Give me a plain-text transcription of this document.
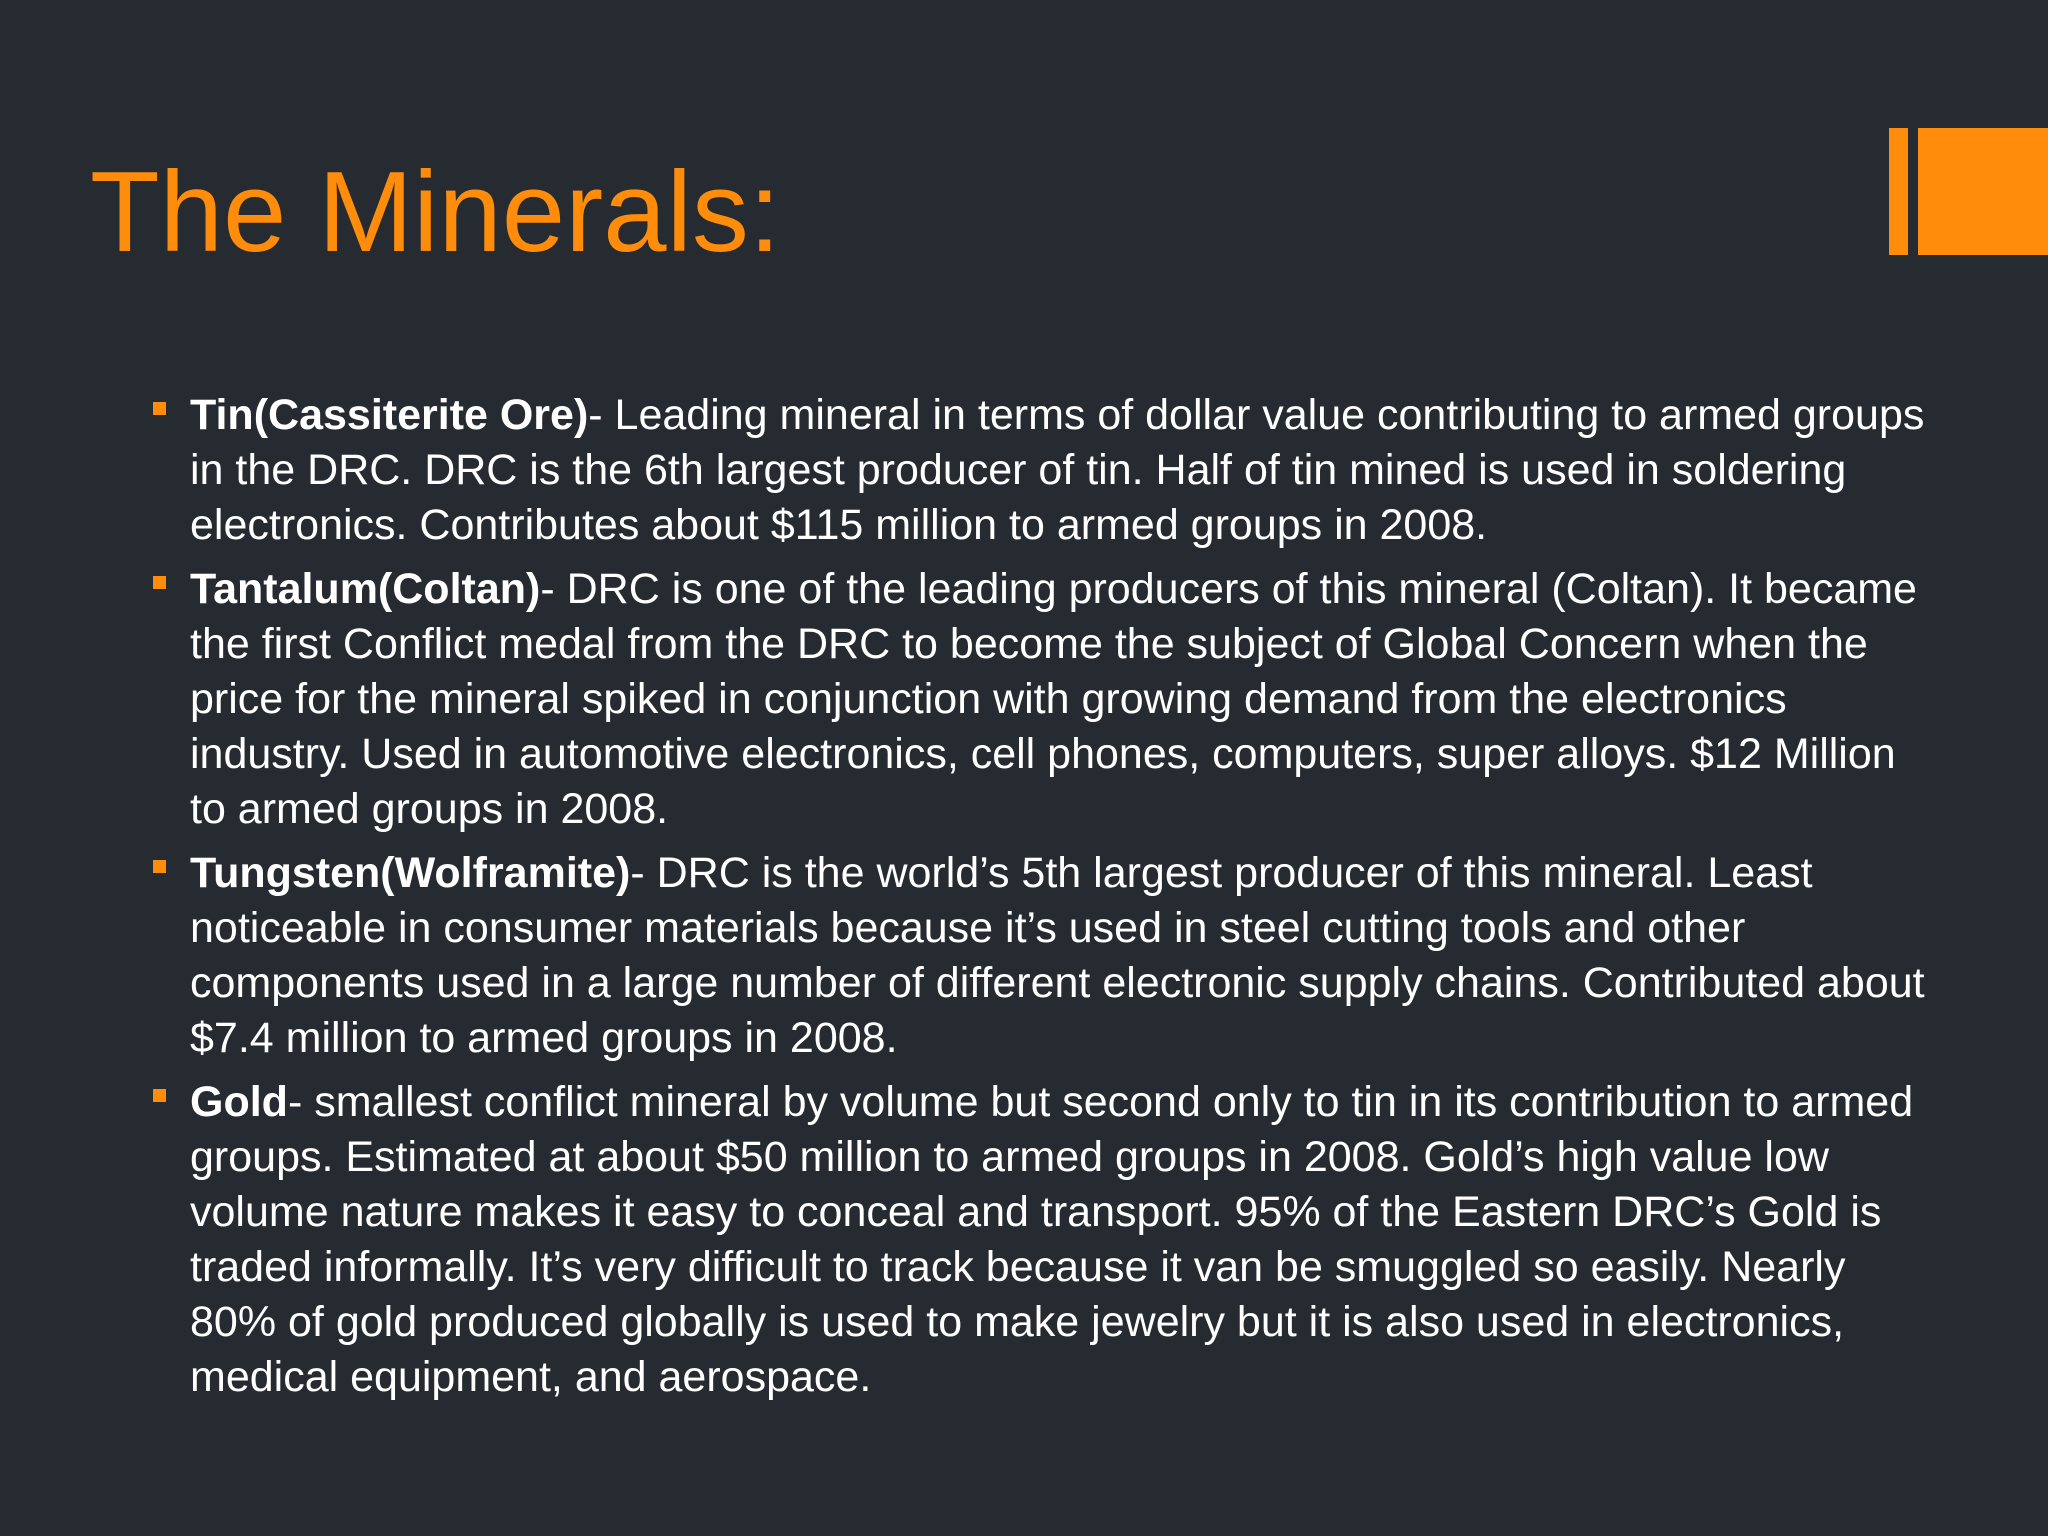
The Minerals:
Tin(Cassiterite Ore)- Leading mineral in terms of dollar value contributing to armed groups in the DRC. DRC is the 6th largest producer of tin. Half of tin mined is used in soldering electronics. Contributes about $115 million to armed groups in 2008.
Tantalum(Coltan)- DRC is one of the leading producers of this mineral (Coltan). It became the first Conflict medal from the DRC to become the subject of Global Concern when the price for the mineral spiked in conjunction with growing demand from the electronics industry. Used in automotive electronics, cell phones, computers, super alloys. $12 Million to armed groups in 2008.
Tungsten(Wolframite)- DRC is the world’s 5th largest producer of this mineral. Least noticeable in consumer materials because it’s used in steel cutting tools and other components used in a large number of different electronic supply chains. Contributed about $7.4 million to armed groups in 2008.
Gold- smallest conflict mineral by volume but second only to tin in its contribution to armed groups. Estimated at about $50 million to armed groups in 2008. Gold’s high value low volume nature makes it easy to conceal and transport. 95% of the Eastern DRC’s Gold is traded informally. It’s very difficult to track because it van be smuggled so easily. Nearly 80% of gold produced globally is used to make jewelry but it is also used in electronics, medical equipment, and aerospace.
